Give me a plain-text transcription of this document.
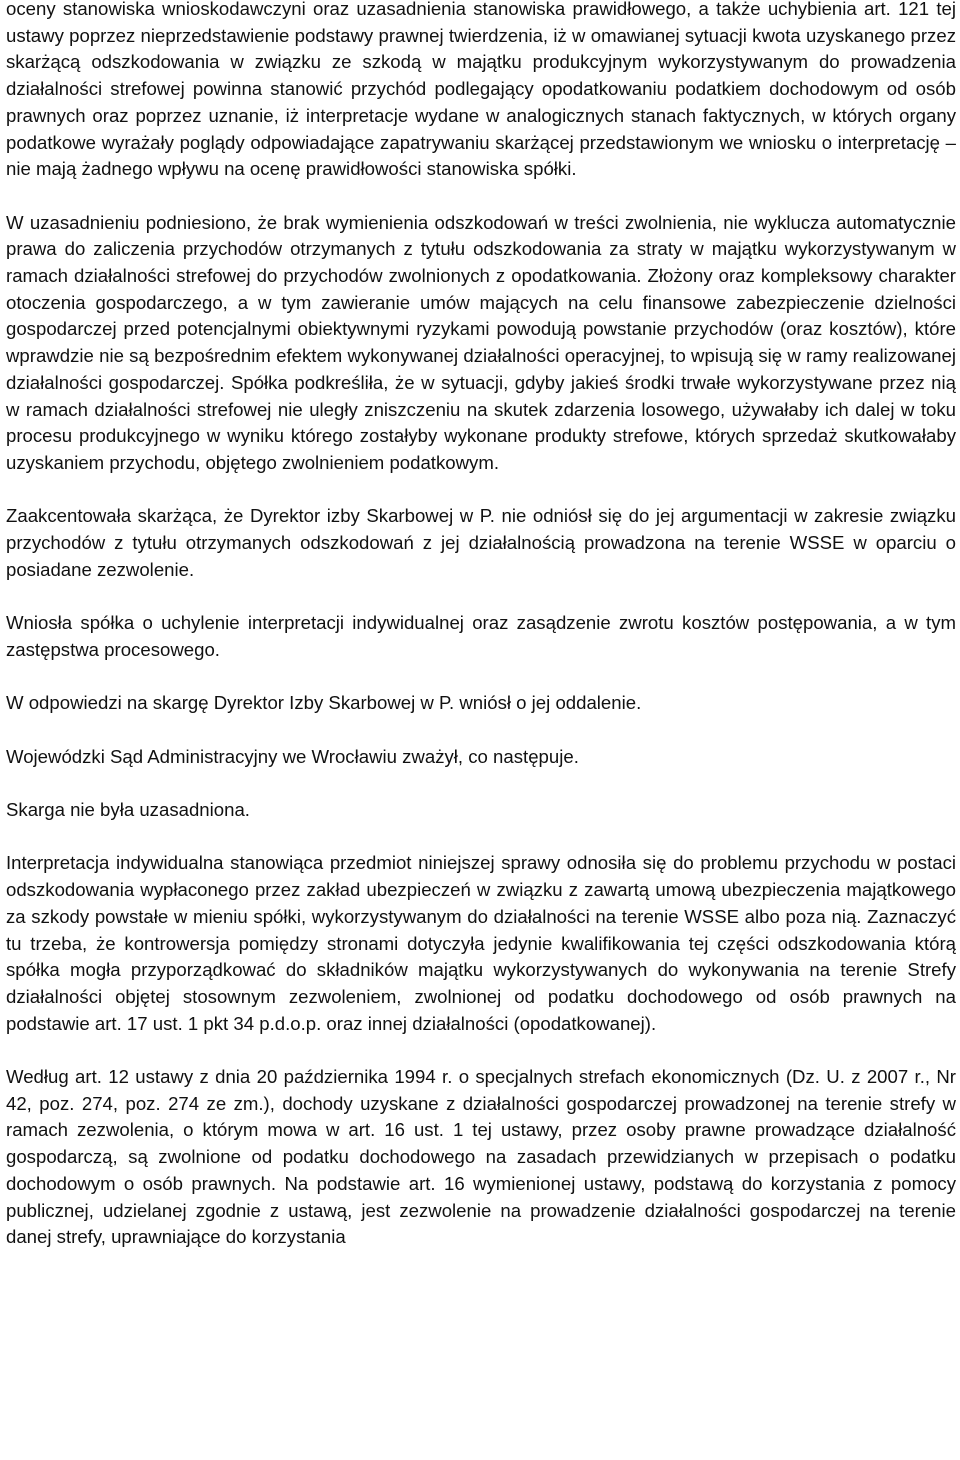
oceny stanowiska wnioskodawczyni oraz uzasadnienia stanowiska prawidłowego, a także uchybienia art. 121 tej ustawy poprzez nieprzedstawienie podstawy prawnej twierdzenia, iż w omawianej sytuacji kwota uzyskanego przez skarżącą odszkodowania w związku ze szkodą w majątku produkcyjnym wykorzystywanym do prowadzenia działalności strefowej powinna stanowić przychód podlegający opodatkowaniu podatkiem dochodowym od osób prawnych oraz poprzez uznanie, iż interpretacje wydane w analogicznych stanach faktycznych, w których organy podatkowe wyrażały poglądy odpowiadające zapatrywaniu skarżącej przedstawionym we wniosku o interpretację – nie mają żadnego wpływu na ocenę prawidłowości stanowiska spółki.

W uzasadnieniu podniesiono, że brak wymienienia odszkodowań w treści zwolnienia, nie wyklucza automatycznie prawa do zaliczenia przychodów otrzymanych z tytułu odszkodowania za straty w majątku wykorzystywanym w ramach działalności strefowej do przychodów zwolnionych z opodatkowania. Złożony oraz kompleksowy charakter otoczenia gospodarczego, a w tym zawieranie umów mających na celu finansowe zabezpieczenie dzielności gospodarczej przed potencjalnymi obiektywnymi ryzykami powodują powstanie przychodów (oraz kosztów), które wprawdzie nie są bezpośrednim efektem wykonywanej działalności operacyjnej, to wpisują się w ramy realizowanej działalności gospodarczej. Spółka podkreśliła, że w sytuacji, gdyby jakieś środki trwałe wykorzystywane przez nią w ramach działalności strefowej nie uległy zniszczeniu na skutek zdarzenia losowego, używałaby ich dalej w toku procesu produkcyjnego w wyniku którego zostałyby wykonane produkty strefowe, których sprzedaż skutkowałaby uzyskaniem przychodu, objętego zwolnieniem podatkowym.

Zaakcentowała skarżąca, że Dyrektor izby Skarbowej w P. nie odniósł się do jej argumentacji w zakresie związku przychodów z tytułu otrzymanych odszkodowań z jej działalnością prowadzona na terenie WSSE w oparciu o posiadane zezwolenie.

Wniosła spółka o uchylenie interpretacji indywidualnej oraz zasądzenie zwrotu kosztów postępowania, a w tym zastępstwa procesowego.

W odpowiedzi na skargę Dyrektor Izby Skarbowej w P. wniósł o jej oddalenie.

Wojewódzki Sąd Administracyjny we Wrocławiu zważył, co następuje.

Skarga nie była uzasadniona.

Interpretacja indywidualna stanowiąca przedmiot niniejszej sprawy odnosiła się do problemu przychodu w postaci odszkodowania wypłaconego przez zakład ubezpieczeń w związku z zawartą umową ubezpieczenia majątkowego za szkody powstałe w mieniu spółki, wykorzystywanym do działalności na terenie WSSE albo poza nią. Zaznaczyć tu trzeba, że kontrowersja pomiędzy stronami dotyczyła jedynie kwalifikowania tej części odszkodowania którą spółka mogła przyporządkować do składników majątku wykorzystywanych do wykonywania na terenie Strefy działalności objętej stosownym zezwoleniem, zwolnionej od podatku dochodowego od osób prawnych na podstawie art. 17 ust. 1 pkt 34 p.d.o.p. oraz innej działalności (opodatkowanej).

Według art. 12 ustawy z dnia 20 października 1994 r. o specjalnych strefach ekonomicznych (Dz. U. z 2007 r., Nr 42, poz. 274, poz. 274 ze zm.), dochody uzyskane z działalności gospodarczej prowadzonej na terenie strefy w ramach zezwolenia, o którym mowa w art. 16 ust. 1 tej ustawy, przez osoby prawne prowadzące działalność gospodarczą, są zwolnione od podatku dochodowego na zasadach przewidzianych w przepisach o podatku dochodowym o osób prawnych. Na podstawie art. 16 wymienionej ustawy, podstawą do korzystania z pomocy publicznej, udzielanej zgodnie z ustawą, jest zezwolenie na prowadzenie działalności gospodarczej na terenie danej strefy, uprawniające do korzystania
